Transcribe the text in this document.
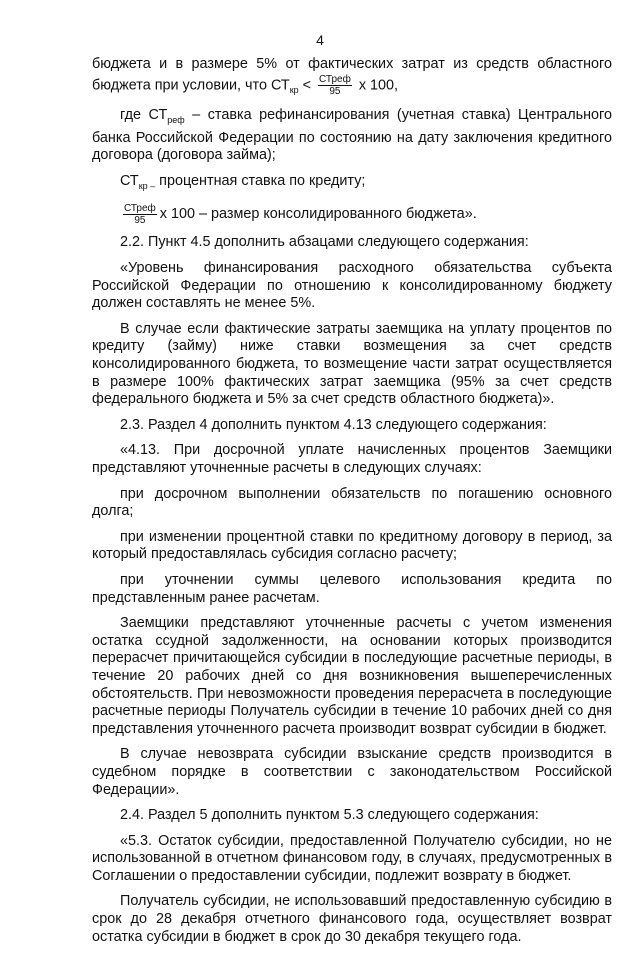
4

бюджета и в размере 5% от фактических затрат из средств областного бюджета при условии, что $СТ_{кр} < \frac{\text{СТреф}}{95}$ х 100,

где $СТ_{реф}$ – ставка рефинансирования (учетная ставка) Центрального банка Российской Федерации по состоянию на дату заключения кредитного договора (договора займа);

$СТ_{кр -}$ процентная ставка по кредиту;

$\frac{\text{СТреф}}{95}$ х 100 – размер консолидированного бюджета».

2.2. Пункт 4.5 дополнить абзацами следующего содержания:

«Уровень финансирования расходного обязательства субъекта Российской Федерации по отношению к консолидированному бюджету должен составлять не менее 5%.

В случае если фактические затраты заемщика на уплату процентов по кредиту (займу) ниже ставки возмещения за счет средств консолидированного бюджета, то возмещение части затрат осуществляется в размере 100% фактических затрат заемщика (95% за счет средств федерального бюджета и 5% за счет средств областного бюджета)».

2.3. Раздел 4 дополнить пунктом 4.13 следующего содержания:

«4.13. При досрочной уплате начисленных процентов Заемщики представляют уточненные расчеты в следующих случаях:

при досрочном выполнении обязательств по погашению основного долга;

при изменении процентной ставки по кредитному договору в период, за который предоставлялась субсидия согласно расчету;

при уточнении суммы целевого использования кредита по представленным ранее расчетам.

Заемщики представляют уточненные расчеты с учетом изменения остатка ссудной задолженности, на основании которых производится перерасчет причитающейся субсидии в последующие расчетные периоды, в течение 20 рабочих дней со дня возникновения вышеперечисленных обстоятельств. При невозможности проведения перерасчета в последующие расчетные периоды Получатель субсидии в течение 10 рабочих дней со дня представления уточненного расчета производит возврат субсидии в бюджет.

В случае невозврата субсидии взыскание средств производится в судебном порядке в соответствии с законодательством Российской Федерации».

2.4. Раздел 5 дополнить пунктом 5.3 следующего содержания:

«5.3. Остаток субсидии, предоставленной Получателю субсидии, но не использованной в отчетном финансовом году, в случаях, предусмотренных в Соглашении о предоставлении субсидии, подлежит возврату в бюджет.

Получатель субсидии, не использовавший предоставленную субсидию в срок до 28 декабря отчетного финансового года, осуществляет возврат остатка субсидии в бюджет в срок до 30 декабря текущего года.
